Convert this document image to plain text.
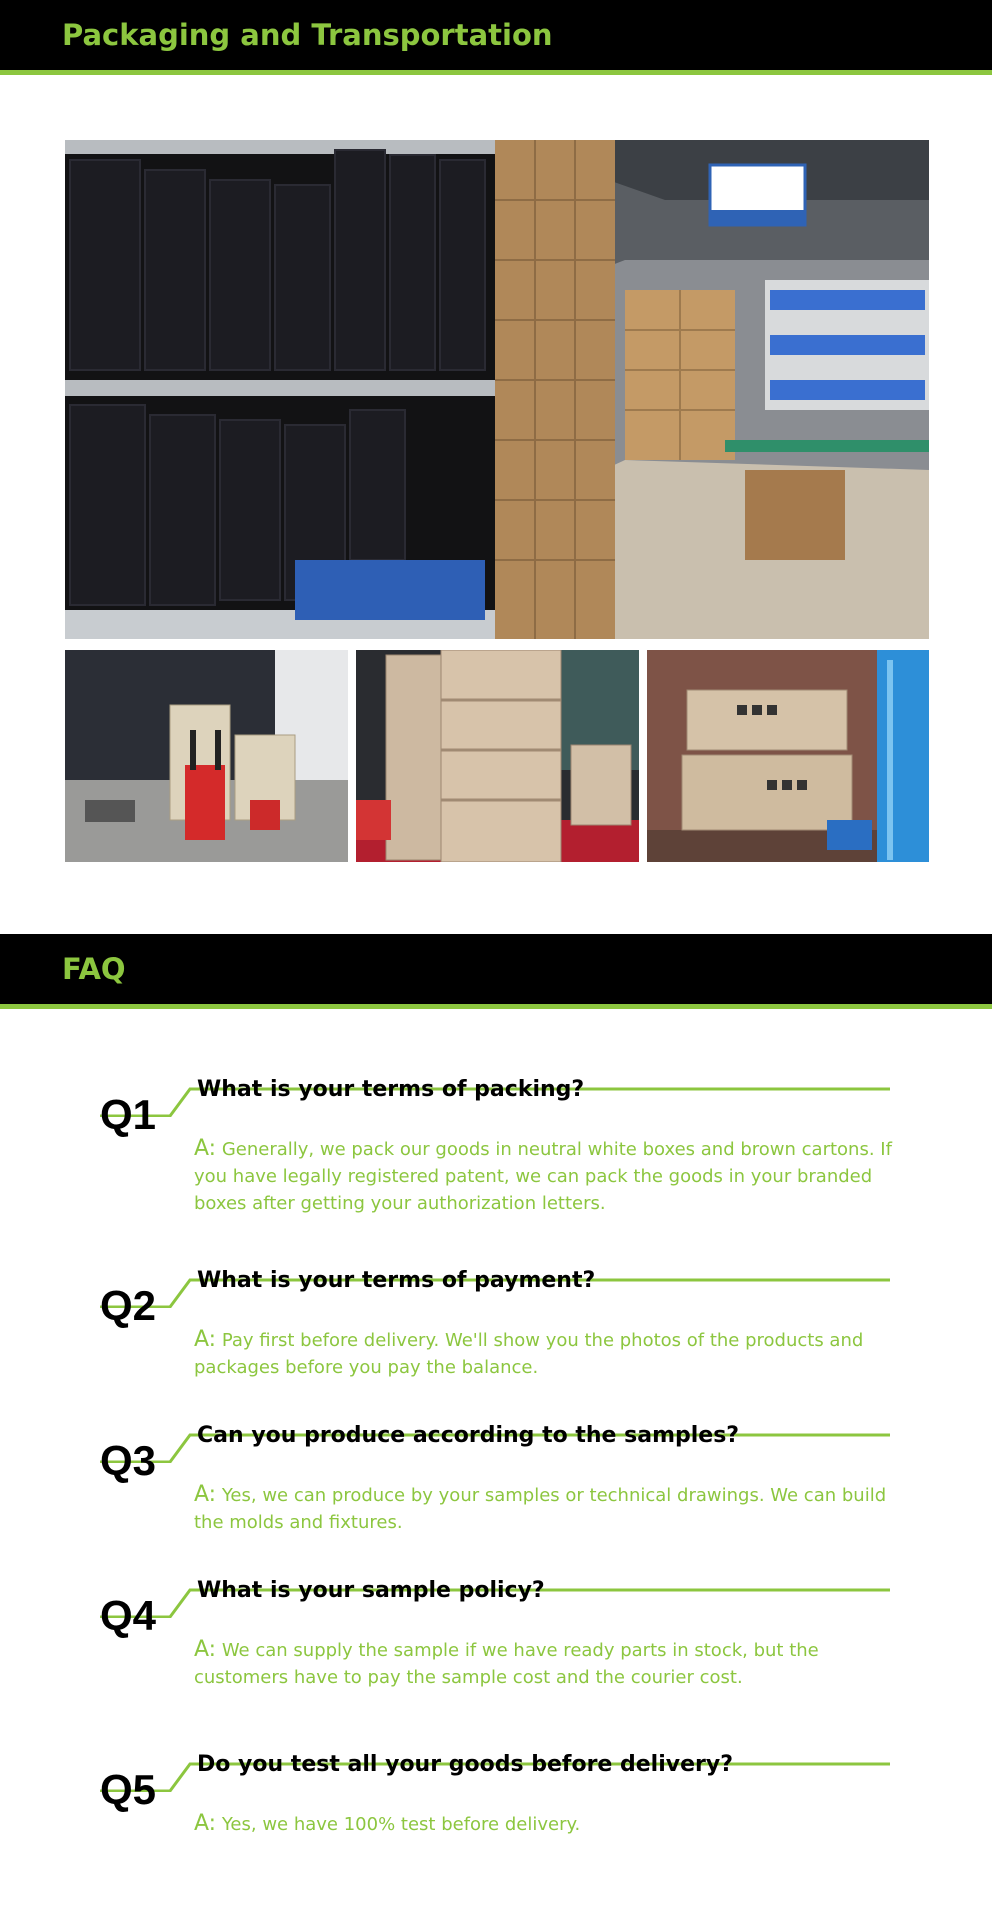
Packaging and Transportation
FAQ
Q1
What is your terms of packing?
A: Generally, we pack our goods in neutral white boxes and brown cartons. If you have legally registered patent, we can pack the goods in your branded boxes after getting your authorization letters.
Q2
What is your terms of payment?
A: Pay first before delivery. We'll show you the photos of the products and packages before you pay the balance.
Q3
Can you produce according to the samples?
A: Yes, we can produce by your samples or technical drawings. We can build the molds and fixtures.
Q4
What is your sample policy?
A: We can supply the sample if we have ready parts in stock, but the customers have to pay the sample cost and the courier cost.
Q5
Do you test all your goods before delivery?
A: Yes, we have 100% test before delivery.
